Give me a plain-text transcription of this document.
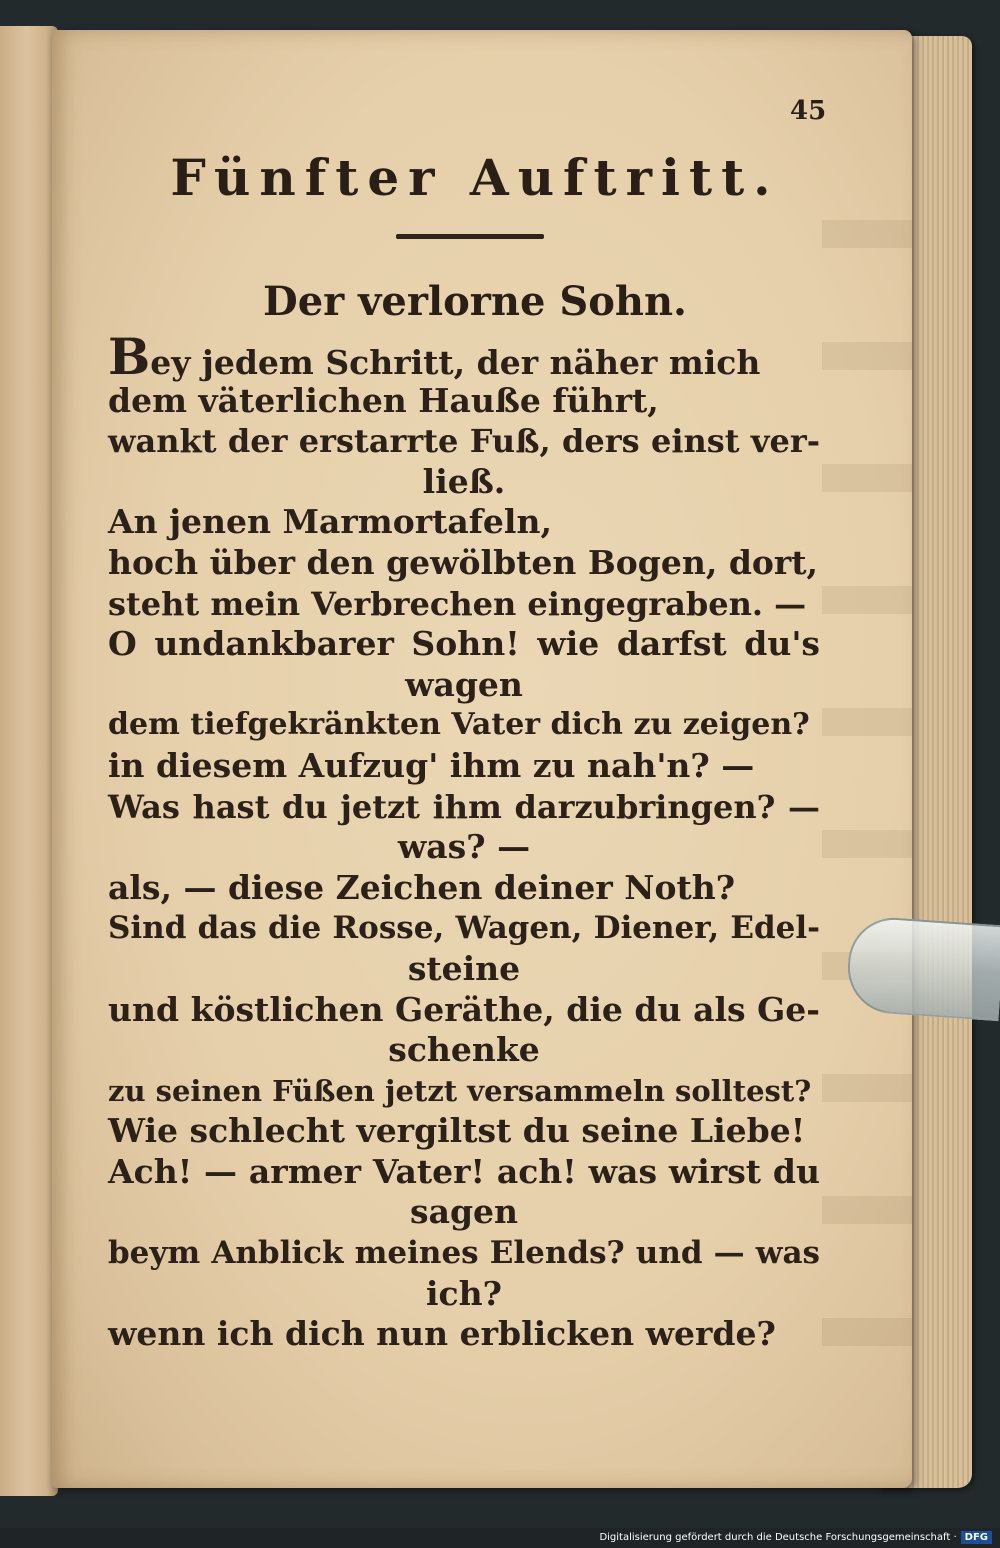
45
Fünfter Auftritt.
Der verlorne Sohn.
Bey jedem Schritt, der näher mich
dem väterlichen Hauße führt,
wankt der erstarrte Fuß, ders einst ver-
ließ.
An jenen Marmortafeln,
hoch über den gewölbten Bogen, dort,
steht mein Verbrechen eingegraben. —
O undankbarer Sohn! wie darfst du's
wagen
dem tiefgekränkten Vater dich zu zeigen?
in diesem Aufzug' ihm zu nah'n? —
Was hast du jetzt ihm darzubringen? —
was? —
als, — diese Zeichen deiner Noth?
Sind das die Rosse, Wagen, Diener, Edel-
steine
und köstlichen Geräthe, die du als Ge-
schenke
zu seinen Füßen jetzt versammeln solltest?
Wie schlecht vergiltst du seine Liebe!
Ach! — armer Vater! ach! was wirst du
sagen
beym Anblick meines Elends? und — was
ich?
wenn ich dich nun erblicken werde?
Digitalisierung gefördert durch die Deutsche Forschungsgemeinschaft · DFG
